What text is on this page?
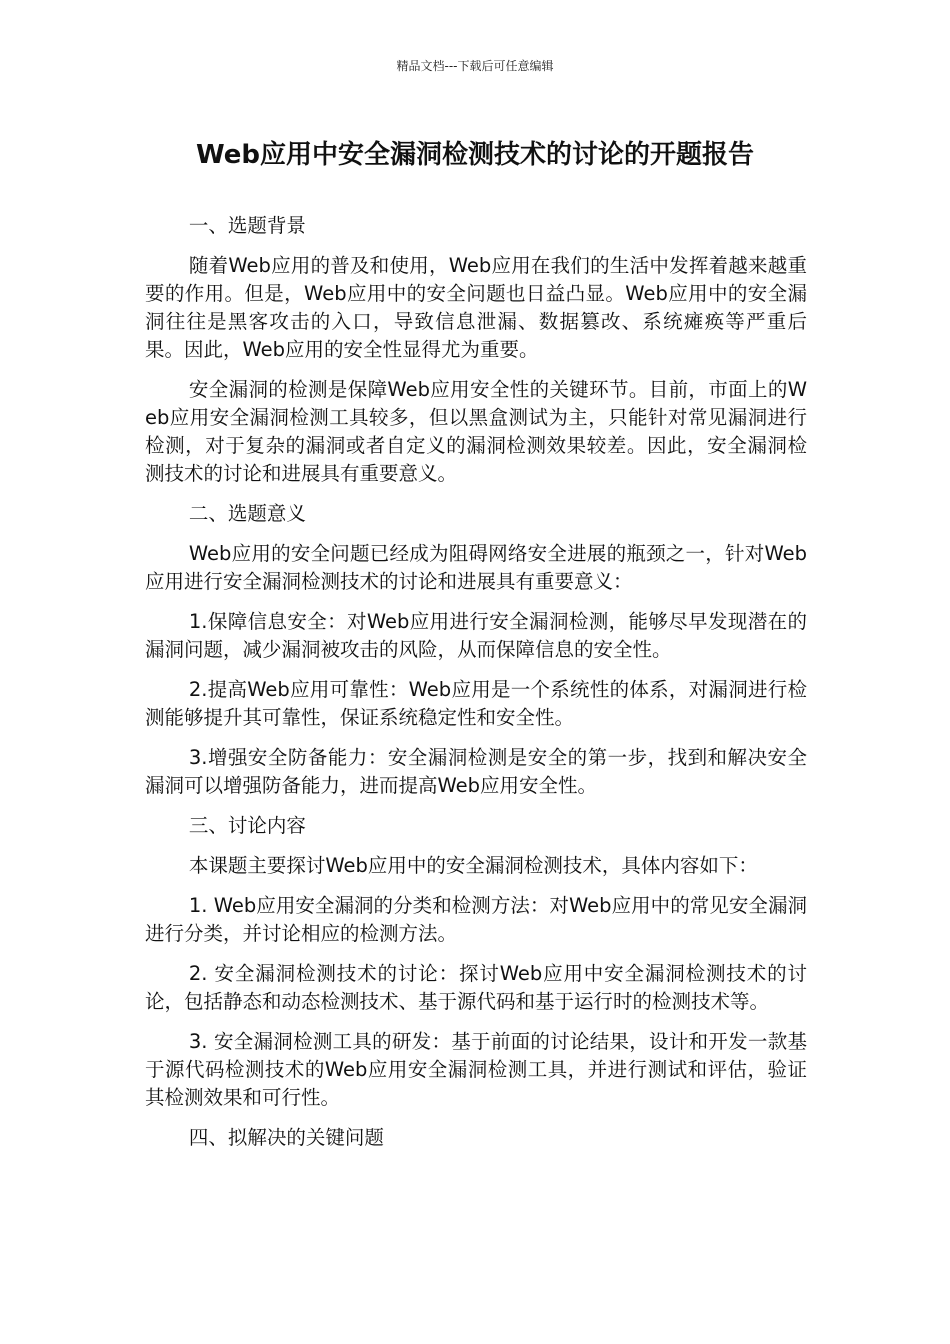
精品文档---下载后可任意编辑
Web应用中安全漏洞检测技术的讨论的开题报告
一、选题背景

随着Web应用的普及和使用，Web应用在我们的生活中发挥着越来越重要的作用。但是，Web应用中的安全问题也日益凸显。Web应用中的安全漏洞往往是黑客攻击的入口，导致信息泄漏、数据篡改、系统瘫痪等严重后果。因此，Web应用的安全性显得尤为重要。

安全漏洞的检测是保障Web应用安全性的关键环节。目前，市面上的Web应用安全漏洞检测工具较多，但以黑盒测试为主，只能针对常见漏洞进行检测，对于复杂的漏洞或者自定义的漏洞检测效果较差。因此，安全漏洞检测技术的讨论和进展具有重要意义。

二、选题意义

Web应用的安全问题已经成为阻碍网络安全进展的瓶颈之一，针对Web应用进行安全漏洞检测技术的讨论和进展具有重要意义：

1.保障信息安全：对Web应用进行安全漏洞检测，能够尽早发现潜在的漏洞问题，减少漏洞被攻击的风险，从而保障信息的安全性。

2.提高Web应用可靠性：Web应用是一个系统性的体系，对漏洞进行检测能够提升其可靠性，保证系统稳定性和安全性。

3.增强安全防备能力：安全漏洞检测是安全的第一步，找到和解决安全漏洞可以增强防备能力，进而提高Web应用安全性。

三、讨论内容

本课题主要探讨Web应用中的安全漏洞检测技术，具体内容如下：

1. Web应用安全漏洞的分类和检测方法：对Web应用中的常见安全漏洞进行分类，并讨论相应的检测方法。

2. 安全漏洞检测技术的讨论：探讨Web应用中安全漏洞检测技术的讨论，包括静态和动态检测技术、基于源代码和基于运行时的检测技术等。

3. 安全漏洞检测工具的研发：基于前面的讨论结果，设计和开发一款基于源代码检测技术的Web应用安全漏洞检测工具，并进行测试和评估，验证其检测效果和可行性。

四、拟解决的关键问题
